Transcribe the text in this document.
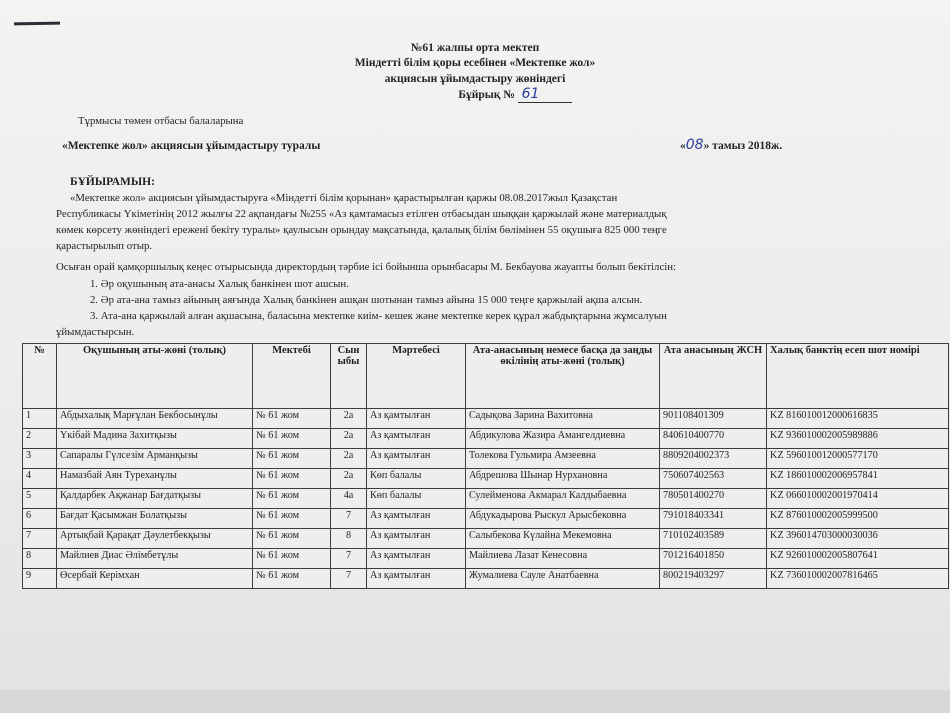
№61 жалпы орта мектеп
Міндетті білім қоры есебінен «Мектепке жол»
акциясын ұйымдастыру жөніндегі
Бұйрық № 61
Тұрмысы төмен отбасы балаларына
«Мектепке жол» акциясын ұйымдастыру туралы	«08» тамыз 2018ж.
БҰЙЫРАМЫН:
«Мектепке жол» акциясын ұйымдастыруға «Міндетті білім қорынан» қарастырылған қаржы 08.08.2017жыл Қазақстан
Республикасы Үкіметінің 2012 жылғы 22 ақпандағы №255 «Аз қамтамасыз етілген отбасыдан шыққан қаржылай және материалдық
көмек көрсету жөніндегі ережені бекіту туралы» қаулысын орындау мақсатында, қалалық білім бөлімінен 55 оқушыға 825 000 теңге
қарастырылып отыр.
Осыған орай қамқоршылық кеңес отырысында директордың тәрбие ісі бойынша орынбасары М. Бекбауова жауапты болып бекітілсін:
1. Әр оқушының ата-анасы Халық банкінен шот ашсын.
2. Әр ата-ана тамыз айының аяғында Халық банкінен ашқан шотынан тамыз айына 15 000 теңге қаржылай ақша алсын.
3. Ата-ана қаржылай алған ақшасына, баласына мектепке киім- кешек және мектепке керек құрал жабдықтарына жұмсалуын
ұйымдастырсын.
№	Оқушының аты-жөні (толық)	Мектебі	Сыныбы	Мәртебесі	Ата-анасының немесе басқа да заңды өкілінің аты-жөні (толық)	Ата анасының ЖСН	Халық банктің есеп шот номірі
1	Абдыхалық Марғұлан Бекбосынұлы	№ 61 жом	2а	Аз қамтылған	Садықова Зарина Вахитовна	901108401309	KZ 816010012000616835
2	Үкібай Мадина Захитқызы	№ 61 жом	2а	Аз қамтылған	Абдикулова Жазира Амангелдиевна	840610400770	KZ 936010002005989886
3	Сапаралы Гүлсезім Арманқызы	№ 61 жом	2а	Аз қамтылған	Толекова Гульмира Амзеевна	8809204002373	KZ 596010012000577170
4	Намазбай Аян Туреханұлы	№ 61 жом	2а	Көп балалы	Абдрешова Шынар Нурхановна	750607402563	KZ 186010002006957841
5	Қалдарбек Ақжанар Бағдатқызы	№ 61 жом	4а	Көп балалы	Сулейменова Акмарал Калдыбаевна	780501400270	KZ 066010002001970414
6	Бағдат Қасымжан Болатқызы	№ 61 жом	7	Аз қамтылған	Абдукадырова Рыскул Арысбековна	791018403341	KZ 876010002005999500
7	Артықбай Қарақат Дәулетбекқызы	№ 61 жом	8	Аз қамтылған	Салыбекова Күлайна Мекемовна	710102403589	KZ 396014703000030036
8	Майлиев Диас Әлімбетұлы	№ 61 жом	7	Аз қамтылған	Майлиева Лазат Кенесовна	701216401850	KZ 926010002005807641
9	Өсербай Керімхан	№ 61 жом	7	Аз қамтылған	Жумалиева Сауле Анатбаевна	800219403297	KZ 736010002007816465
